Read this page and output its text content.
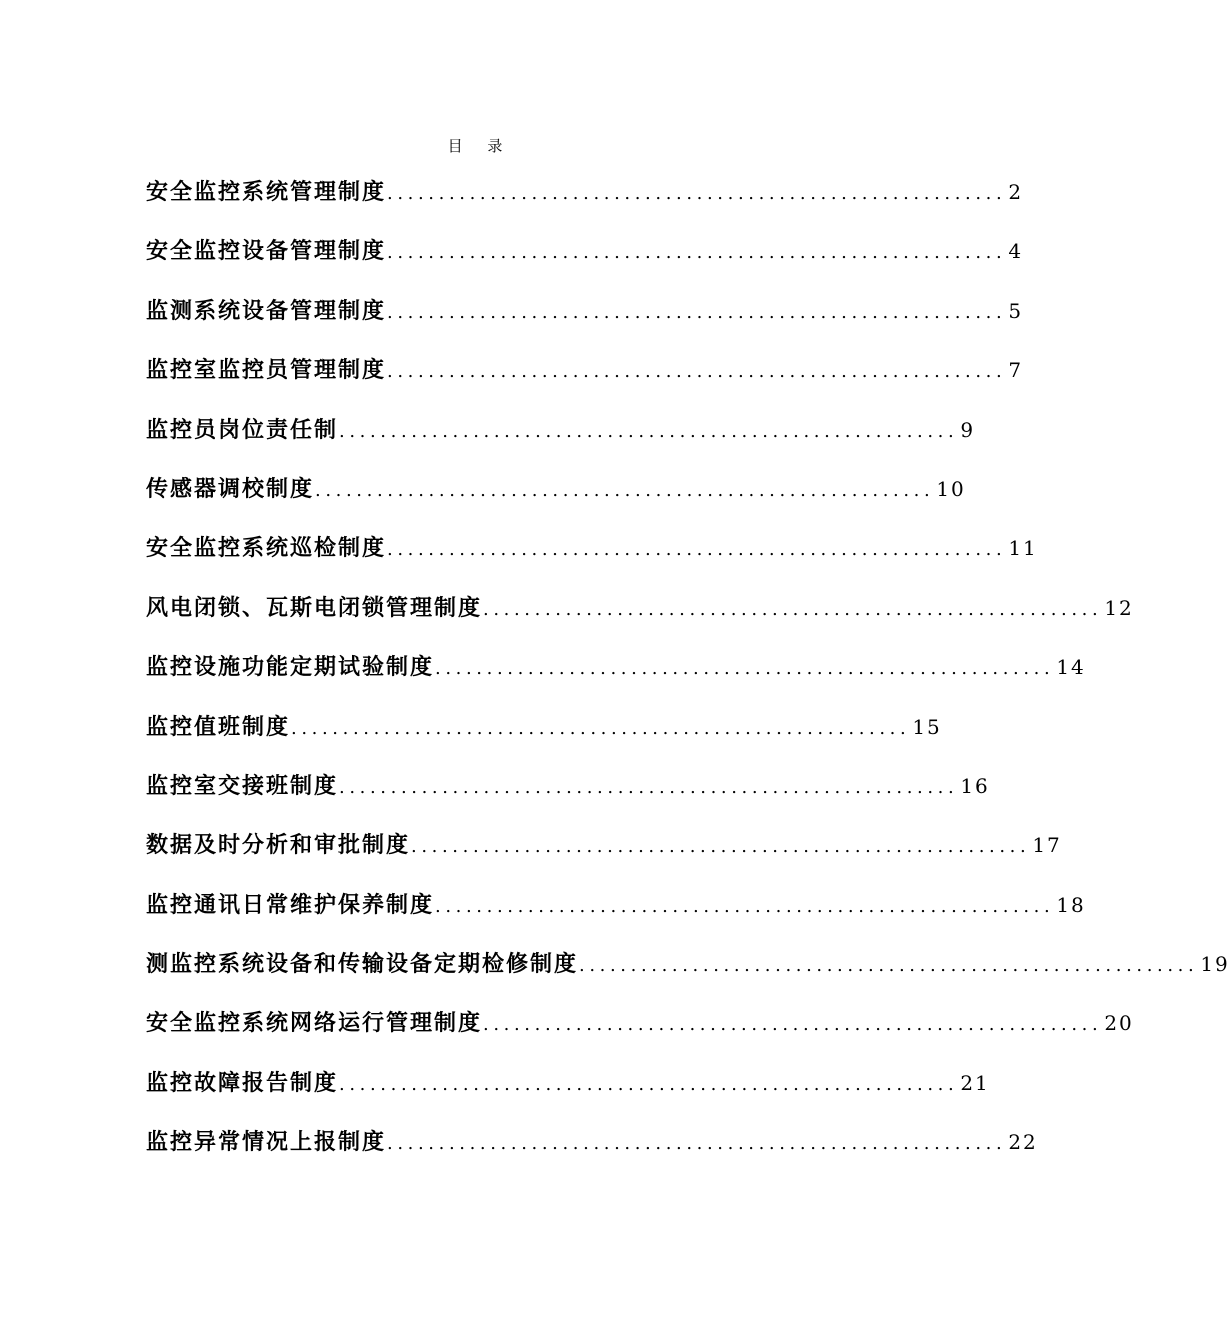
目 录
安全监控系统管理制度 ............................................................ 2
安全监控设备管理制度 ............................................................ 4
监测系统设备管理制度 ............................................................ 5
监控室监控员管理制度 ............................................................ 7
监控员岗位责任制 ............................................................ 9
传感器调校制度 ............................................................ 10
安全监控系统巡检制度 ............................................................ 11
风电闭锁、瓦斯电闭锁管理制度 ............................................................ 12
监控设施功能定期试验制度 ............................................................ 14
监控值班制度 ............................................................ 15
监控室交接班制度 ............................................................ 16
数据及时分析和审批制度 ............................................................ 17
监控通讯日常维护保养制度 ............................................................ 18
测监控系统设备和传输设备定期检修制度 ............................................................ 19
安全监控系统网络运行管理制度 ............................................................ 20
监控故障报告制度 ............................................................ 21
监控异常情况上报制度 ............................................................ 22
